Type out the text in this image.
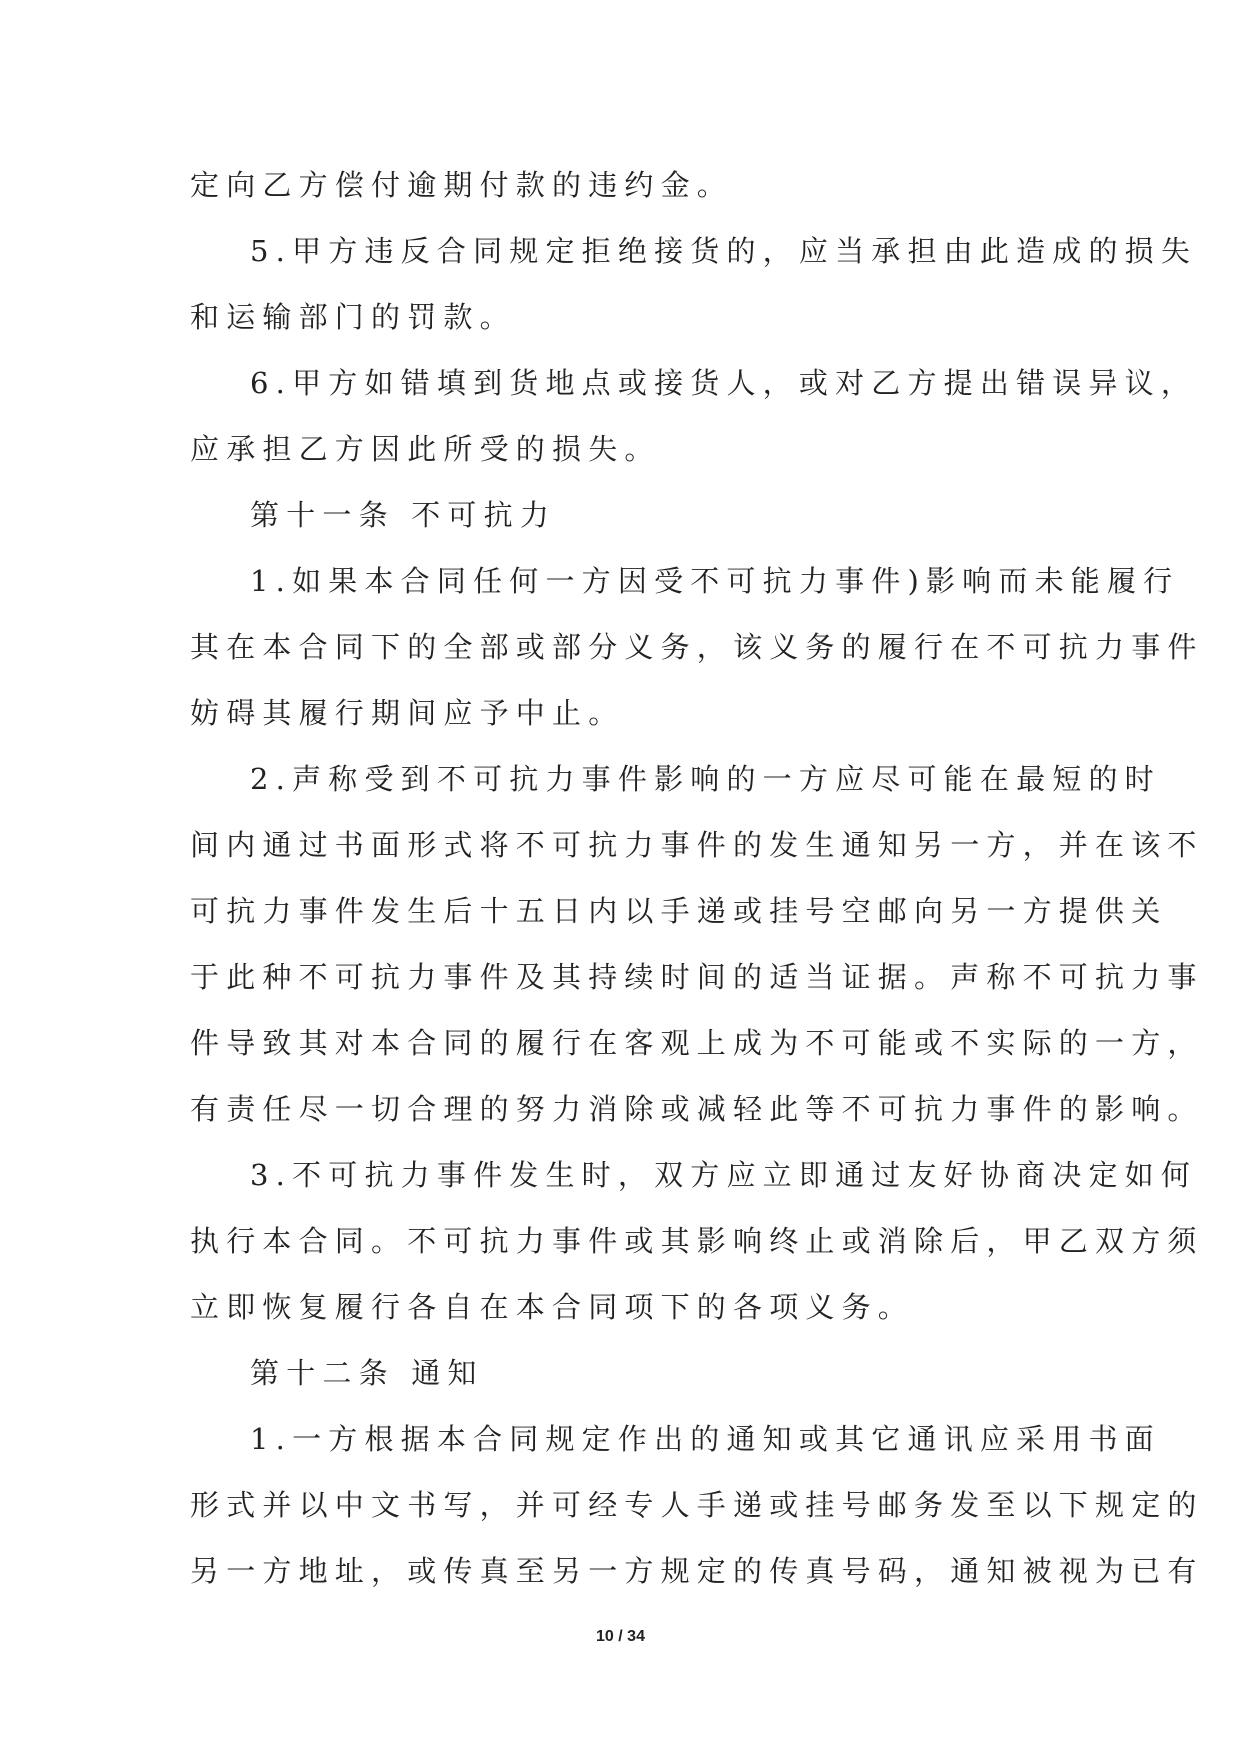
定向乙方偿付逾期付款的违约金。
5.甲方违反合同规定拒绝接货的，应当承担由此造成的损失
和运输部门的罚款。
6.甲方如错填到货地点或接货人，或对乙方提出错误异议，
应承担乙方因此所受的损失。
第十一条 不可抗力
1.如果本合同任何一方因受不可抗力事件)影响而未能履行
其在本合同下的全部或部分义务，该义务的履行在不可抗力事件
妨碍其履行期间应予中止。
2.声称受到不可抗力事件影响的一方应尽可能在最短的时
间内通过书面形式将不可抗力事件的发生通知另一方，并在该不
可抗力事件发生后十五日内以手递或挂号空邮向另一方提供关
于此种不可抗力事件及其持续时间的适当证据。声称不可抗力事
件导致其对本合同的履行在客观上成为不可能或不实际的一方，
有责任尽一切合理的努力消除或减轻此等不可抗力事件的影响。
3.不可抗力事件发生时，双方应立即通过友好协商决定如何
执行本合同。不可抗力事件或其影响终止或消除后，甲乙双方须
立即恢复履行各自在本合同项下的各项义务。
第十二条 通知
1.一方根据本合同规定作出的通知或其它通讯应采用书面
形式并以中文书写，并可经专人手递或挂号邮务发至以下规定的
另一方地址，或传真至另一方规定的传真号码，通知被视为已有
10 / 34
